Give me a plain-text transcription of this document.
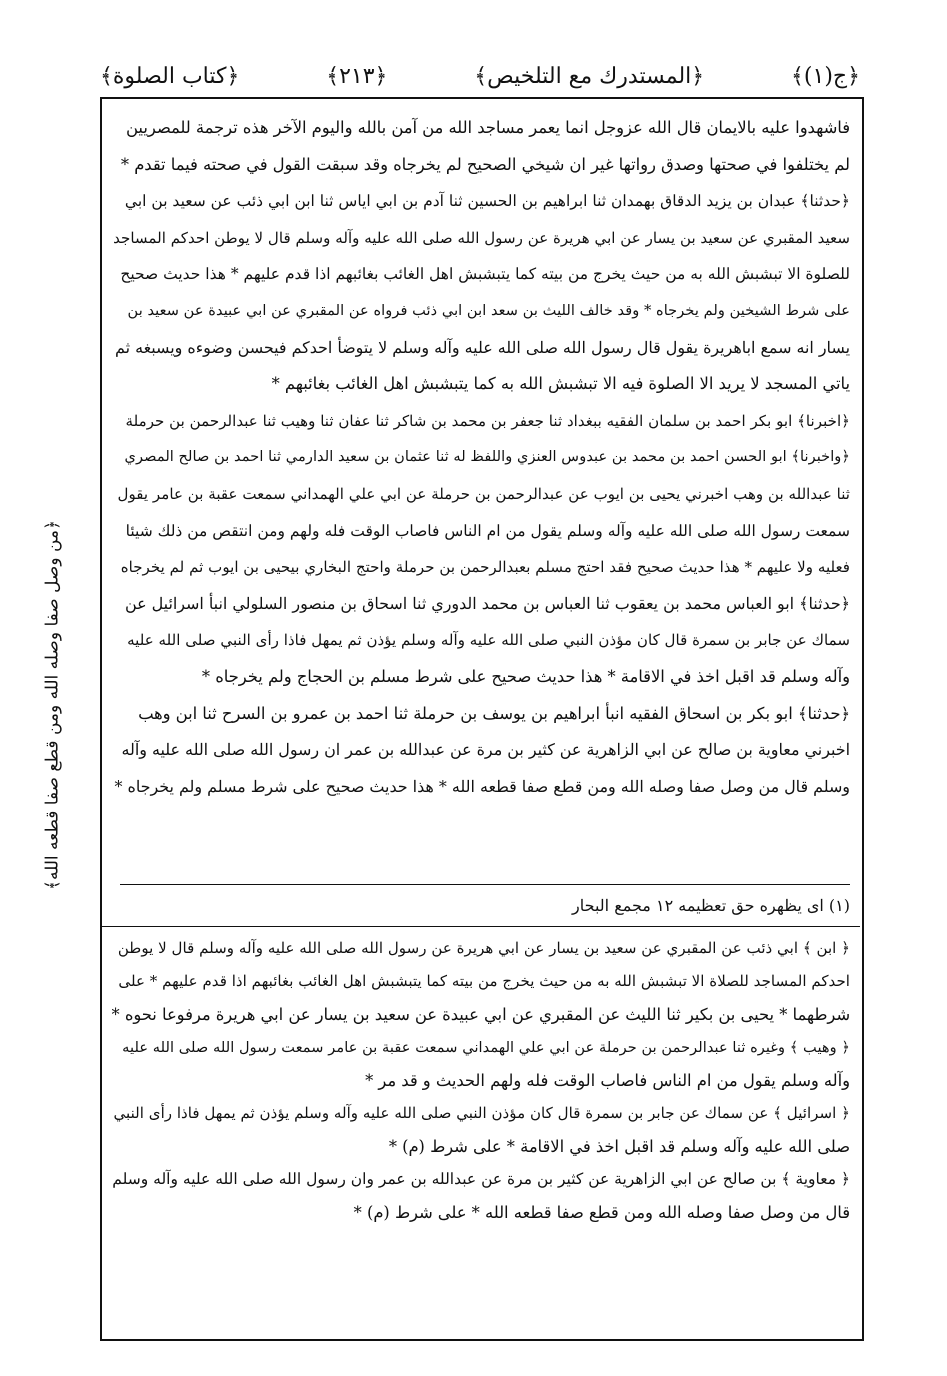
﴿ج(١)﴾
﴿المستدرك مع التلخيص﴾
﴿٢١٣﴾
﴿كتاب الصلوة﴾
فاشهدوا عليه بالايمان قال الله عزوجل انما يعمر مساجد الله من آمن بالله واليوم الآخر هذه ترجمة للمصريين
لم يختلفوا في صحتها وصدق رواتها غير ان شيخي الصحيح لم يخرجاه وقد سبقت القول في صحته فيما تقدم *
﴿حدثنا﴾ عبدان بن يزيد الدقاق بهمدان ثنا ابراهيم بن الحسين ثنا آدم بن ابي اياس ثنا ابن ابي ذئب عن سعيد بن ابي
سعيد المقبري عن سعيد بن يسار عن ابي هريرة عن رسول الله صلى الله عليه وآله وسلم قال لا يوطن احدكم المساجد
للصلوة الا تبشبش الله به من حيث يخرج من بيته كما يتبشبش اهل الغائب بغائبهم اذا قدم عليهم * هذا حديث صحيح
على شرط الشيخين ولم يخرجاه * وقد خالف الليث بن سعد ابن ابي ذئب فرواه عن المقبري عن ابي عبيدة عن سعيد بن
يسار انه سمع اباهريرة يقول قال رسول الله صلى الله عليه وآله وسلم لا يتوضأ احدكم فيحسن وضوءه ويسبغه ثم
ياتي المسجد لا يريد الا الصلوة فيه الا تبشبش الله به كما يتبشبش اهل الغائب بغائبهم *
﴿اخبرنا﴾ ابو بكر احمد بن سلمان الفقيه ببغداد ثنا جعفر بن محمد بن شاكر ثنا عفان ثنا وهيب ثنا عبدالرحمن بن حرملة
﴿واخبرنا﴾ ابو الحسن احمد بن محمد بن عبدوس العنزي واللفظ له ثنا عثمان بن سعيد الدارمي ثنا احمد بن صالح المصري
ثنا عبدالله بن وهب اخبرني يحيى بن ايوب عن عبدالرحمن بن حرملة عن ابي علي الهمداني سمعت عقبة بن عامر يقول
سمعت رسول الله صلى الله عليه وآله وسلم يقول من ام الناس فاصاب الوقت فله ولهم ومن انتقص من ذلك شيئا
فعليه ولا عليهم * هذا حديث صحيح فقد احتج مسلم بعبدالرحمن بن حرملة واحتج البخاري بيحيى بن ايوب ثم لم يخرجاه
﴿حدثنا﴾ ابو العباس محمد بن يعقوب ثنا العباس بن محمد الدوري ثنا اسحاق بن منصور السلولي انبأ اسرائيل عن
سماك عن جابر بن سمرة قال كان مؤذن النبي صلى الله عليه وآله وسلم يؤذن ثم يمهل فاذا رأى النبي صلى الله عليه
وآله وسلم قد اقبل اخذ في الاقامة * هذا حديث صحيح على شرط مسلم بن الحجاج ولم يخرجاه *
﴿حدثنا﴾ ابو بكر بن اسحاق الفقيه انبأ ابراهيم بن يوسف بن حرملة ثنا احمد بن عمرو بن السرح ثنا ابن وهب
اخبرني معاوية بن صالح عن ابي الزاهرية عن كثير بن مرة عن عبدالله بن عمر ان رسول الله صلى الله عليه وآله
وسلم قال من وصل صفا وصله الله ومن قطع صفا قطعه الله * هذا حديث صحيح على شرط مسلم ولم يخرجاه *
(١) اى يظهره حق تعظيمه ١٢ مجمع البحار
﴿ ابن ﴾ ابي ذئب عن المقبري عن سعيد بن يسار عن ابي هريرة عن رسول الله صلى الله عليه وآله وسلم قال لا يوطن
احدكم المساجد للصلاة الا تبشبش الله به من حيث يخرج من بيته كما يتبشبش اهل الغائب بغائبهم اذا قدم عليهم * على
شرطهما * يحيى بن بكير ثنا الليث عن المقبري عن ابي عبيدة عن سعيد بن يسار عن ابي هريرة مرفوعا نحوه *
﴿ وهيب ﴾ وغيره ثنا عبدالرحمن بن حرملة عن ابي علي الهمداني سمعت عقبة بن عامر سمعت رسول الله صلى الله عليه
وآله وسلم يقول من ام الناس فاصاب الوقت فله ولهم الحديث و قد مر *
﴿ اسرائيل ﴾ عن سماك عن جابر بن سمرة قال كان مؤذن النبي صلى الله عليه وآله وسلم يؤذن ثم يمهل فاذا رأى النبي
صلى الله عليه وآله وسلم قد اقبل اخذ في الاقامة * على شرط (م) *
﴿ معاوية ﴾ بن صالح عن ابي الزاهرية عن كثير بن مرة عن عبدالله بن عمر وان رسول الله صلى الله عليه وآله وسلم
قال من وصل صفا وصله الله ومن قطع صفا قطعه الله * على شرط (م) *
﴿من وصل صفا وصله الله ومن قطع صفا قطعه الله﴾
